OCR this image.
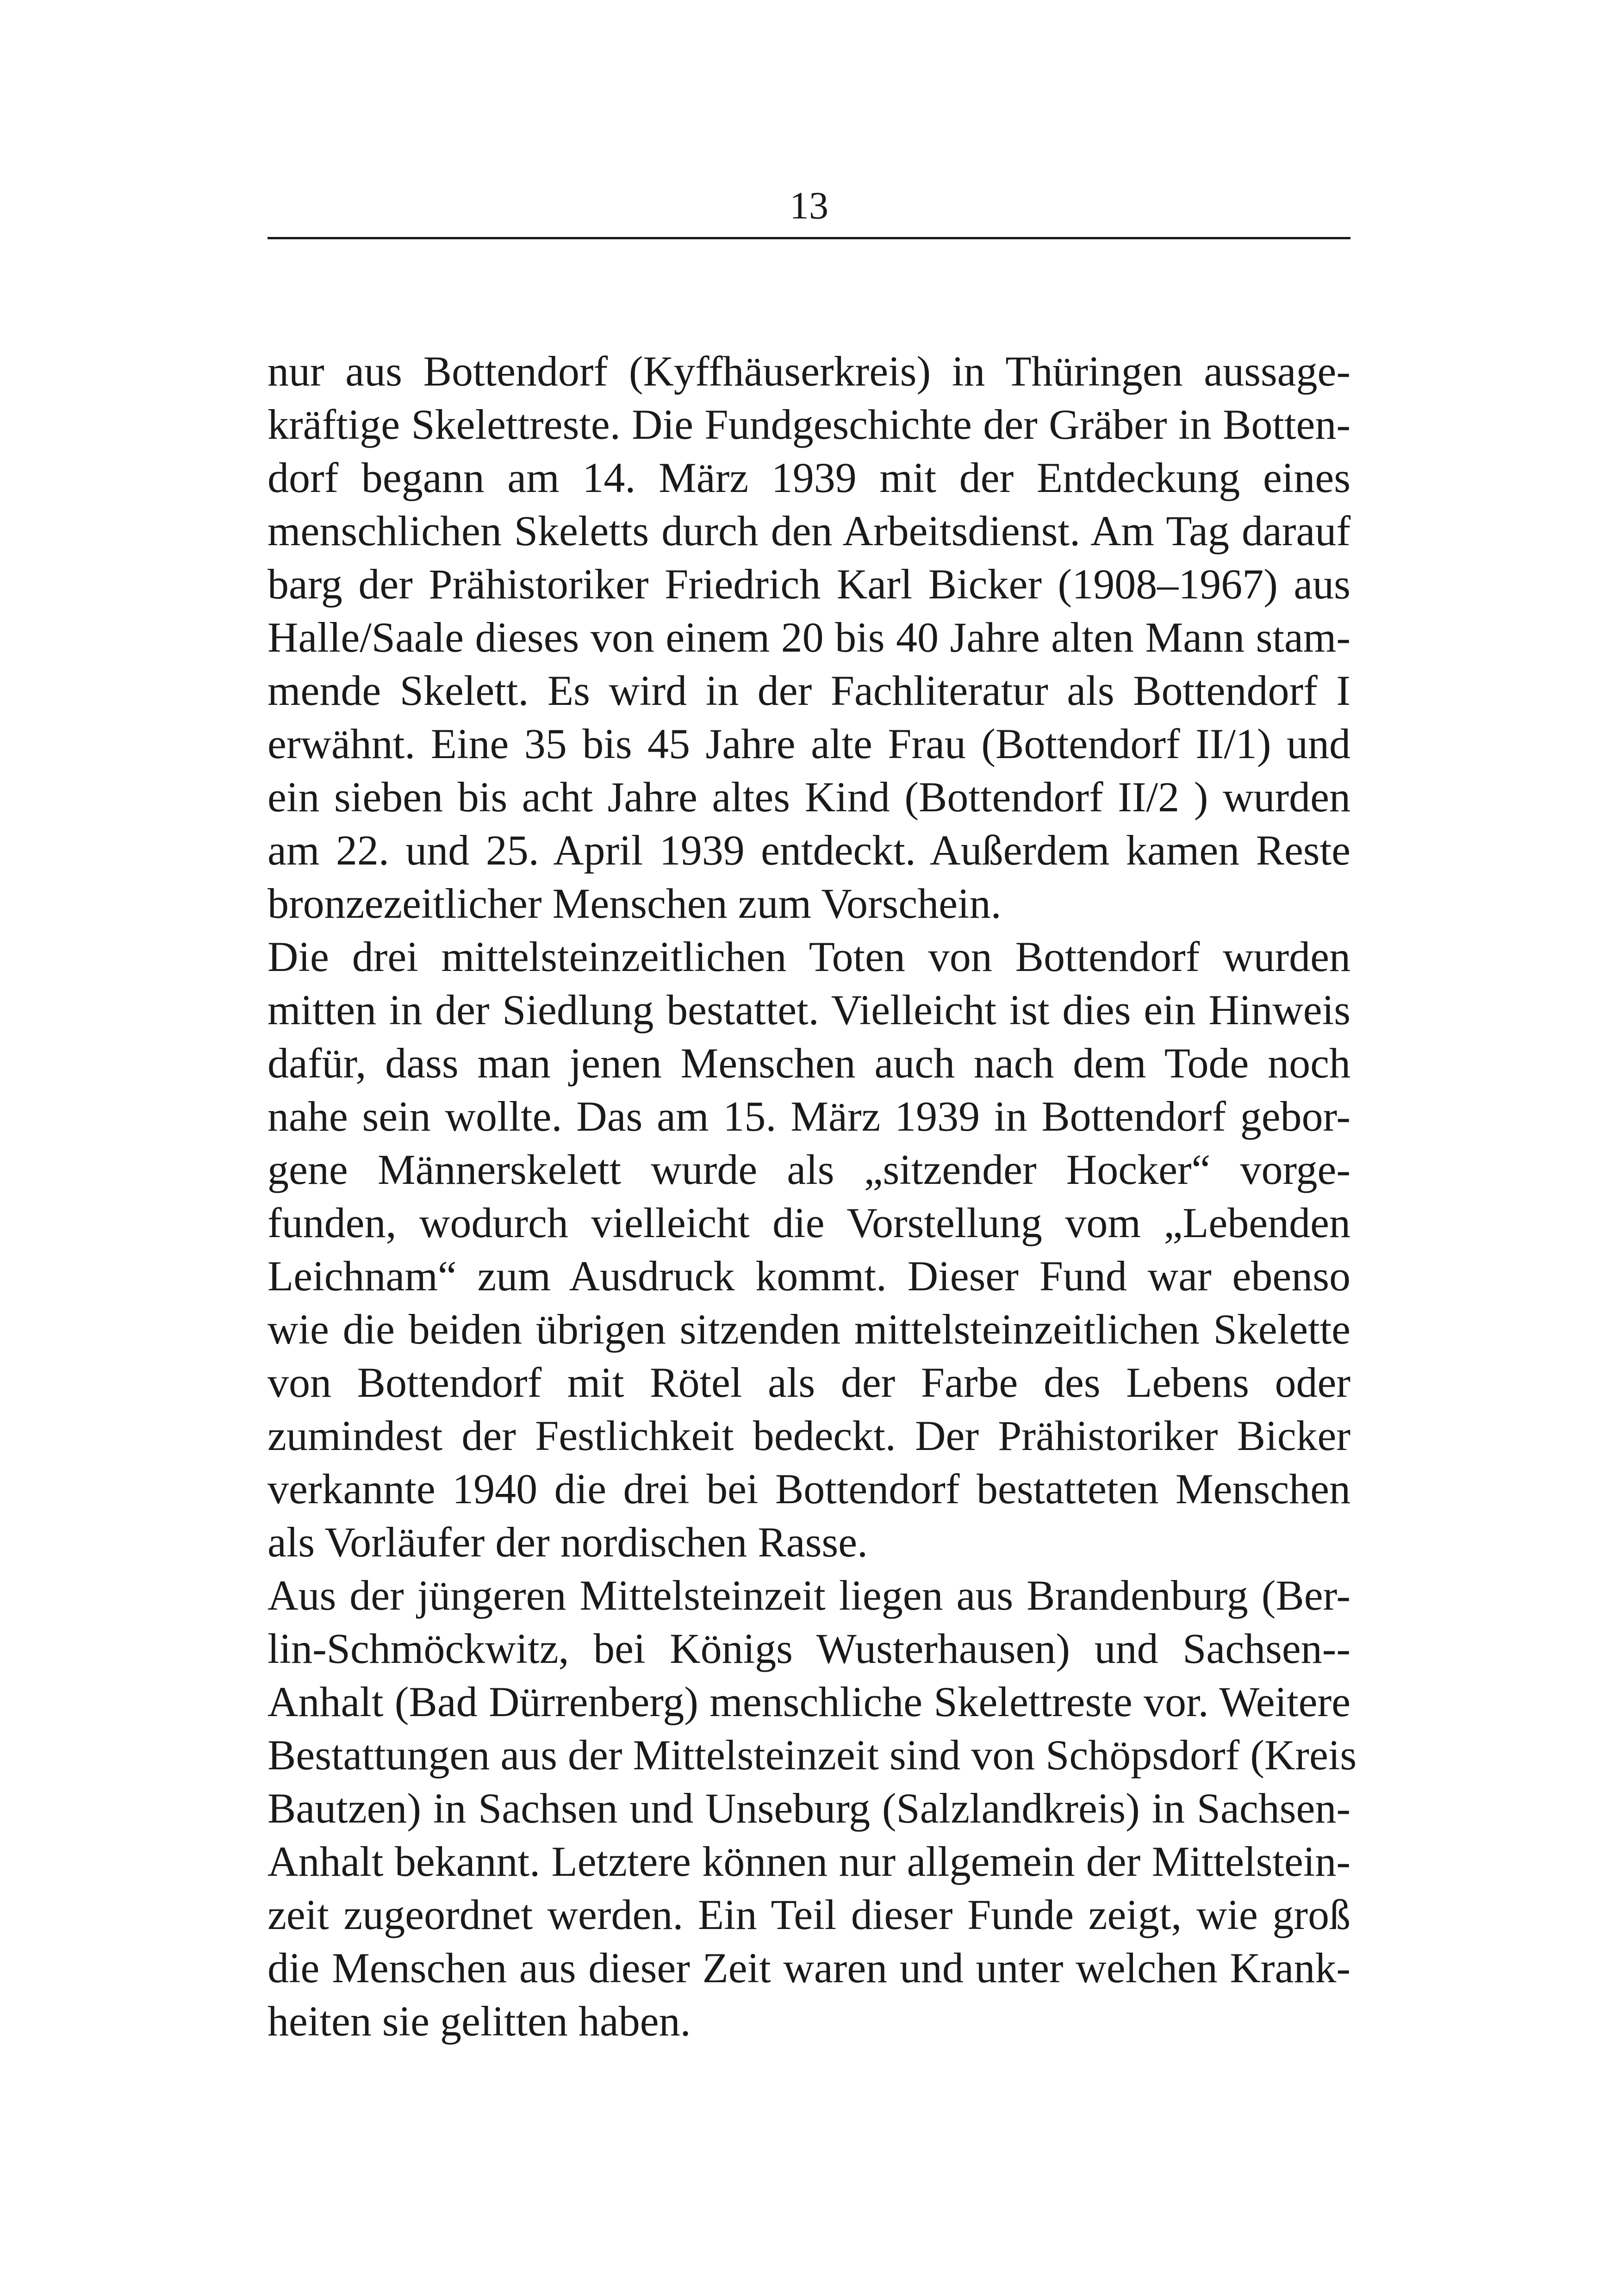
13
nur aus Bottendorf (Kyffhäuserkreis) in Thüringen aussage-
kräftige Skelettreste. Die Fundgeschichte der Gräber in Botten-
dorf begann am 14. März 1939 mit der Entdeckung eines
menschlichen Skeletts durch den Arbeitsdienst. Am Tag darauf
barg der Prähistoriker Friedrich Karl Bicker (1908–1967) aus
Halle/Saale dieses von einem 20 bis 40 Jahre alten Mann stam-
mende Skelett. Es wird in der Fachliteratur als Bottendorf I
erwähnt. Eine 35 bis 45 Jahre alte Frau (Bottendorf II/1) und
ein sieben bis acht Jahre altes Kind (Bottendorf II/2 ) wurden
am 22. und 25. April 1939 entdeckt. Außerdem kamen Reste
bronzezeitlicher Menschen zum Vorschein.
Die drei mittelsteinzeitlichen Toten von Bottendorf wurden
mitten in der Siedlung bestattet. Vielleicht ist dies ein Hinweis
dafür, dass man jenen Menschen auch nach dem Tode noch
nahe sein wollte. Das am 15. März 1939 in Bottendorf gebor-
gene Männerskelett wurde als „sitzender Hocker“ vorge-
funden, wodurch vielleicht die Vorstellung vom „Lebenden
Leichnam“ zum Ausdruck kommt. Dieser Fund war ebenso
wie die beiden übrigen sitzenden mittelsteinzeitlichen Skelette
von Bottendorf mit Rötel als der Farbe des Lebens oder
zumindest der Festlichkeit bedeckt. Der Prähistoriker Bicker
verkannte 1940 die drei bei Bottendorf bestatteten Menschen
als Vorläufer der nordischen Rasse.
Aus der jüngeren Mittelsteinzeit liegen aus Brandenburg (Ber-
lin-Schmöckwitz, bei Königs Wusterhausen) und Sachsen--
Anhalt (Bad Dürrenberg) menschliche Skelettreste vor. Weitere
Bestattungen aus der Mittelsteinzeit sind von Schöpsdorf (Kreis
Bautzen) in Sachsen und Unseburg (Salzlandkreis) in Sachsen-
Anhalt bekannt. Letztere können nur allgemein der Mittelstein-
zeit zugeordnet werden. Ein Teil dieser Funde zeigt, wie groß
die Menschen aus dieser Zeit waren und unter welchen Krank-
heiten sie gelitten haben.
